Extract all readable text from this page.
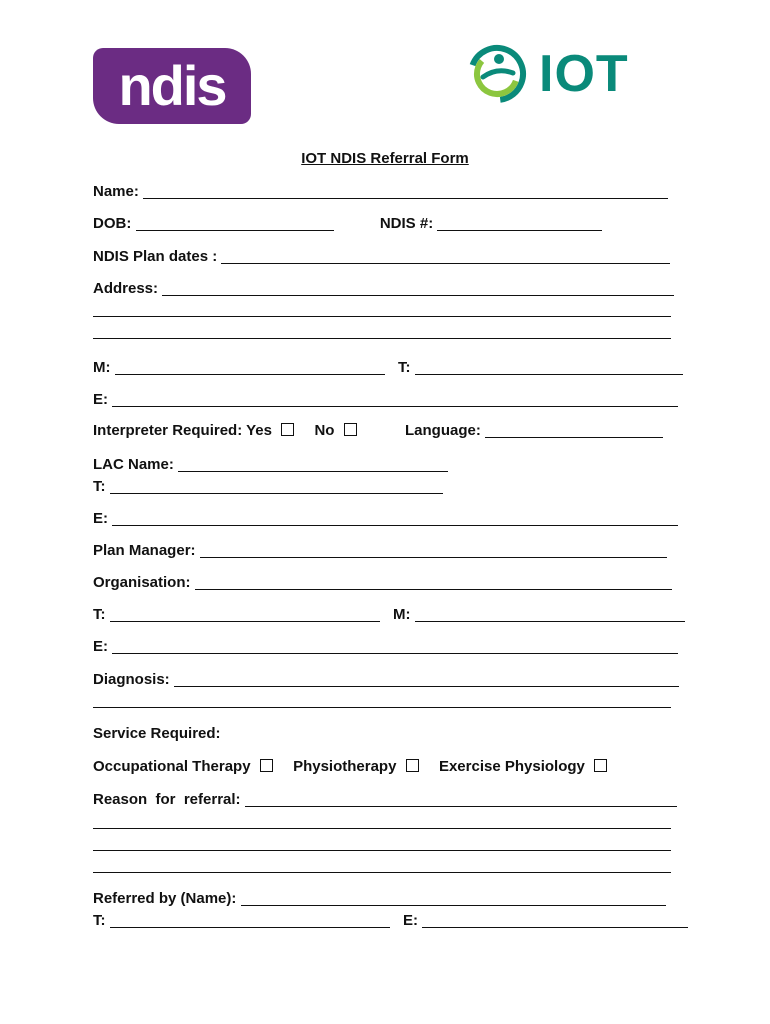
ndis	IOT
IOT NDIS Referral Form
Name:
DOB:	NDIS #:
NDIS Plan dates :
Address:
M:	T:
E:
Interpreter Required: Yes	No	Language:
LAC Name:
T:
E:
Plan Manager:
Organisation:
T:	M:
E:
Diagnosis:
Service Required:
Occupational Therapy	Physiotherapy	Exercise Physiology
Reason  for  referral:
Referred by (Name):
T:	E:
